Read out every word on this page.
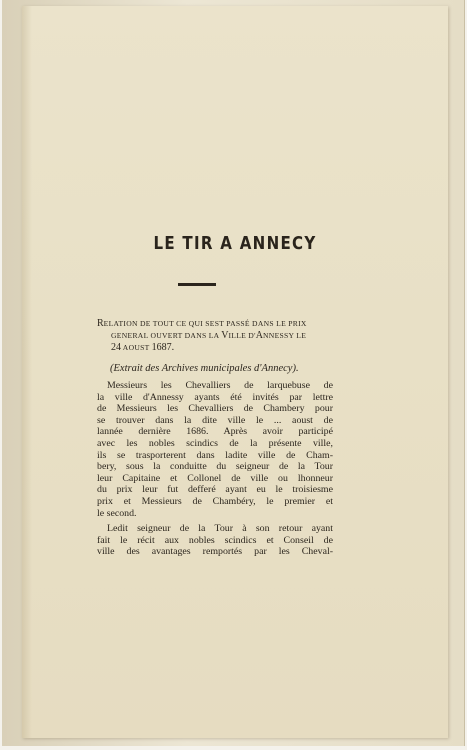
LE TIR A ANNECY
RELATION DE TOUT CE QUI SEST PASSÉ DANS LE PRIX
GENERAL OUVERT DANS LA VILLE D'ANNESSY LE
24 AOUST 1687.
(Extrait des Archives municipales d'Annecy).
Messieurs les Chevalliers de larquebuse de
la ville d'Annessy ayants été invités par lettre
de Messieurs les Chevalliers de Chambery pour
se trouver dans la dite ville le ... aoust de
lannée dernière 1686. Après avoir participé
avec les nobles scindics de la présente ville,
ils se trasporterent dans ladite ville de Cham-
bery, sous la conduitte du seigneur de la Tour
leur Capitaine et Collonel de ville ou lhonneur
du prix leur fut defferé ayant eu le troisiesme
prix et Messieurs de Chambéry, le premier et
le second.
Ledit seigneur de la Tour à son retour ayant
fait le récit aux nobles scindics et Conseil de
ville des avantages remportés par les Cheval-
